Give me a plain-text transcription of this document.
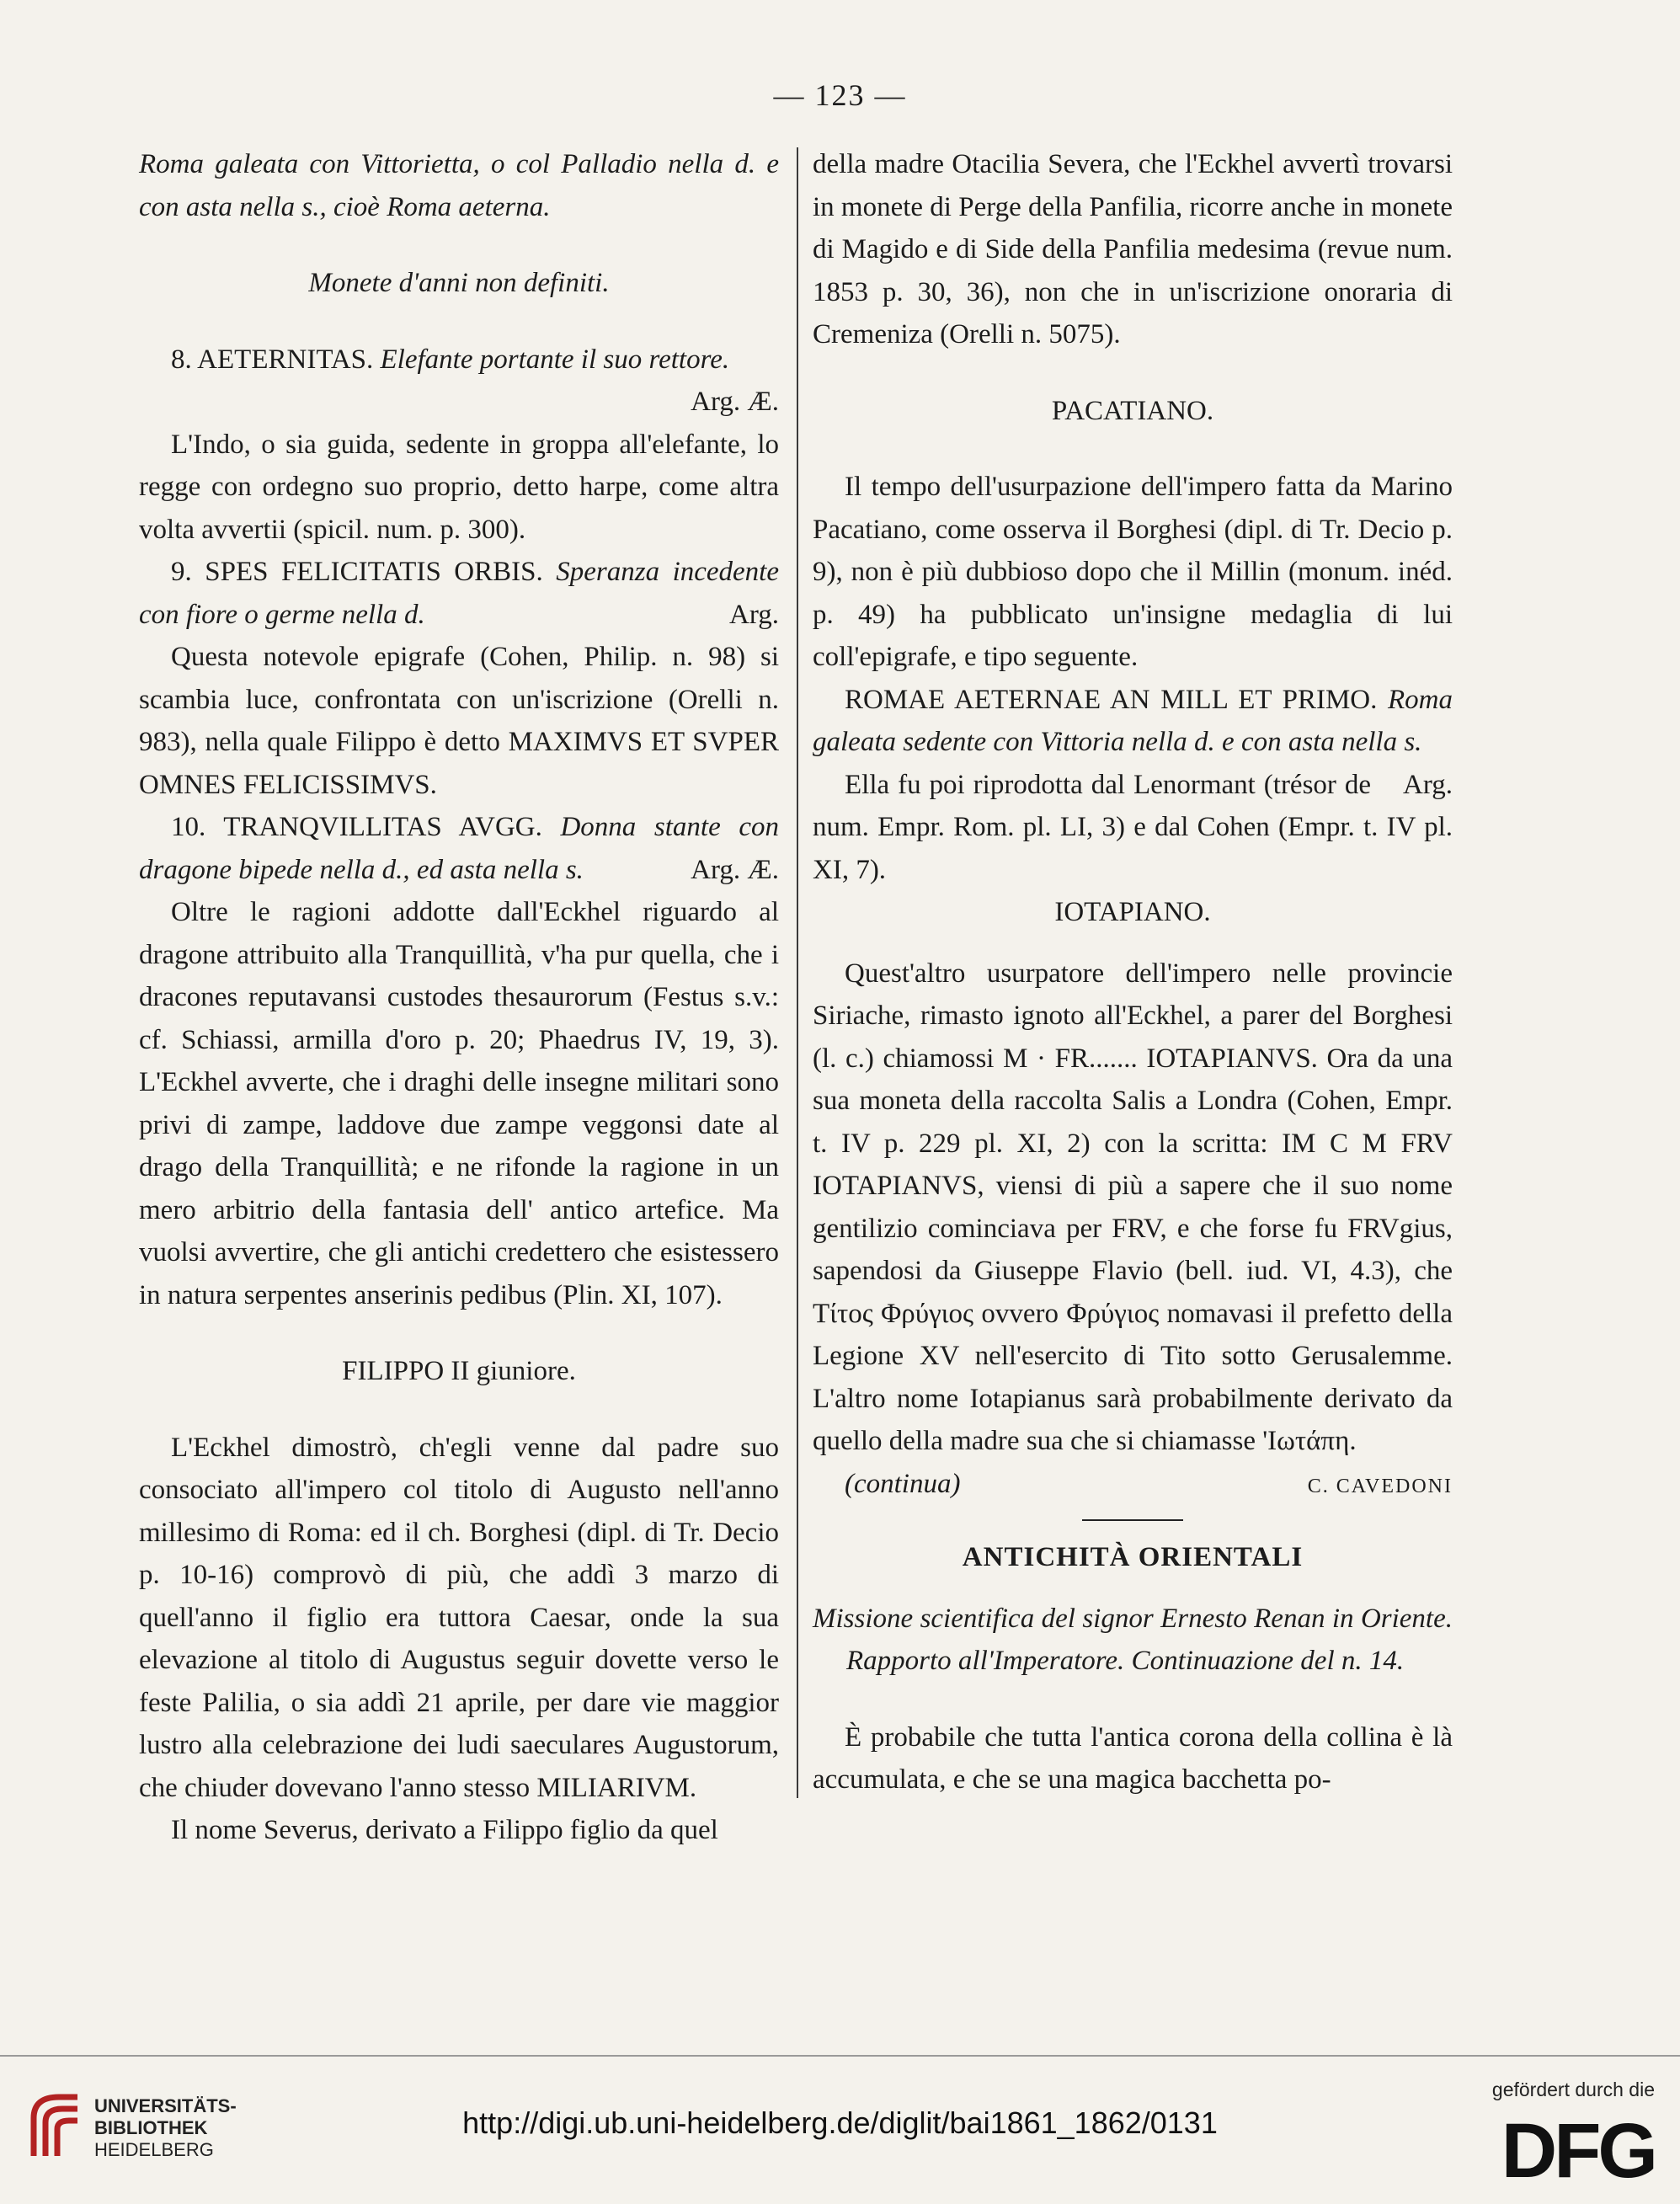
— 123 —

Roma galeata con Vittorietta, o col Palladio nella d. e con asta nella s., cioè Roma aeterna.

Monete d'anni non definiti.

8. AETERNITAS. Elefante portante il suo rettore.

Arg. Æ.

L'Indo, o sia guida, sedente in groppa all'elefante, lo regge con ordegno suo proprio, detto harpe, come altra volta avvertii (spicil. num. p. 300).

9. SPES FELICITATIS ORBIS. Speranza incedente con fiore o germe nella d.	Arg.

Questa notevole epigrafe (Cohen, Philip. n. 98) si scambia luce, confrontata con un'iscrizione (Orelli n. 983), nella quale Filippo è detto MAXIMVS ET SVPER OMNES FELICISSIMVS.

10. TRANQVILLITAS AVGG. Donna stante con dragone bipede nella d., ed asta nella s.	Arg. Æ.

Oltre le ragioni addotte dall'Eckhel riguardo al dragone attribuito alla Tranquillità, v'ha pur quella, che i dracones reputavansi custodes thesaurorum (Festus s.v.: cf. Schiassi, armilla d'oro p. 20; Phaedrus IV, 19, 3). L'Eckhel avverte, che i draghi delle insegne militari sono privi di zampe, laddove due zampe veggonsi date al drago della Tranquillità; e ne rifonde la ragione in un mero arbitrio della fantasia dell' antico artefice. Ma vuolsi avvertire, che gli antichi credettero che esistessero in natura serpentes anserinis pedibus (Plin. XI, 107).

FILIPPO II giuniore.

L'Eckhel dimostrò, ch'egli venne dal padre suo consociato all'impero col titolo di Augusto nell'anno millesimo di Roma: ed il ch. Borghesi (dipl. di Tr. Decio p. 10-16) comprovò di più, che addì 3 marzo di quell'anno il figlio era tuttora Caesar, onde la sua elevazione al titolo di Augustus seguir dovette verso le feste Palilia, o sia addì 21 aprile, per dare vie maggior lustro alla celebrazione dei ludi saeculares Augustorum, che chiuder dovevano l'anno stesso MILIARIVM.

Il nome Severus, derivato a Filippo figlio da quel

della madre Otacilia Severa, che l'Eckhel avvertì trovarsi in monete di Perge della Panfilia, ricorre anche in monete di Magido e di Side della Panfilia medesima (revue num. 1853 p. 30, 36), non che in un'iscrizione onoraria di Cremeniza (Orelli n. 5075).

PACATIANO.

Il tempo dell'usurpazione dell'impero fatta da Marino Pacatiano, come osserva il Borghesi (dipl. di Tr. Decio p. 9), non è più dubbioso dopo che il Millin (monum. inéd. p. 49) ha pubblicato un'insigne medaglia di lui coll'epigrafe, e tipo seguente.

ROMAE AETERNAE AN MILL ET PRIMO. Roma galeata sedente con Vittoria nella d. e con asta nella s.
Arg.

Ella fu poi riprodotta dal Lenormant (trésor de num. Empr. Rom. pl. LI, 3) e dal Cohen (Empr. t. IV pl. XI, 7).

IOTAPIANO.

Quest'altro usurpatore dell'impero nelle provincie Siriache, rimasto ignoto all'Eckhel, a parer del Borghesi (l. c.) chiamossi M · FR....... IOTAPIANVS. Ora da una sua moneta della raccolta Salis a Londra (Cohen, Empr. t. IV p. 229 pl. XI, 2) con la scritta: IM C M FRV IOTAPIANVS, viensi di più a sapere che il suo nome gentilizio cominciava per FRV, e che forse fu FRVgius, sapendosi da Giuseppe Flavio (bell. iud. VI, 4.3), che Τίτος Φρύγιος ovvero Φρύγιος nomavasi il prefetto della Legione XV nell'esercito di Tito sotto Gerusalemme. L'altro nome Iotapianus sarà probabilmente derivato da quello della madre sua che si chiamasse 'Ιωτάπη.

(continua)	C. CAVEDONI

ANTICHITÀ ORIENTALI

Missione scientifica del signor Ernesto Renan in Oriente. Rapporto all'Imperatore. Continuazione del n. 14.

È probabile che tutta l'antica corona della collina è là accumulata, e che se una magica bacchetta po-

UNIVERSITÄTS-
BIBLIOTHEK
HEIDELBERG
http://digi.ub.uni-heidelberg.de/diglit/bai1861_1862/0131
gefördert durch die
DFG
